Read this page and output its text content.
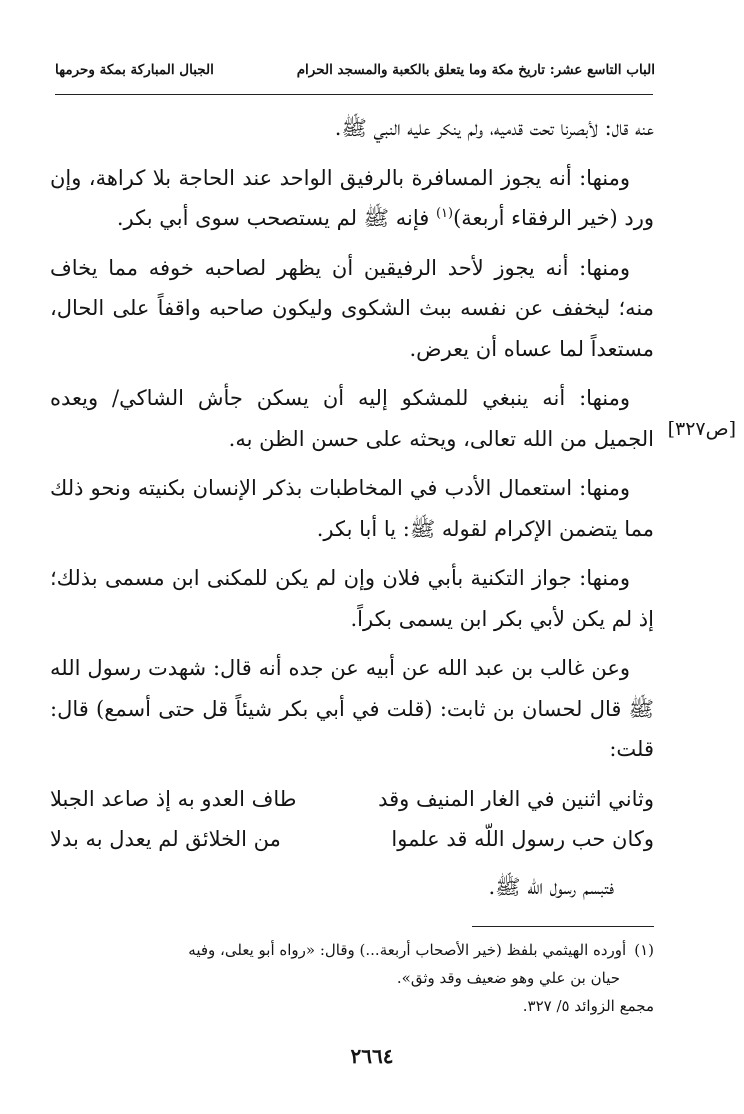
الباب التاسع عشر: تاريخ مكة وما يتعلق بالكعبة والمسجد الحرام
الجبال المباركة بمكة وحرمها
[ص٣٢٧]

عنه قال: لأبصرنا تحت قدميه، ولم ينكر عليه النبي ﷺ.

ومنها: أنه يجوز المسافرة بالرفيق الواحد عند الحاجة بلا كراهة، وإن ورد (خير الرفقاء أربعة)$^{(١)}$ فإنه ﷺ لم يستصحب سوى أبي بكر.

ومنها: أنه يجوز لأحد الرفيقين أن يظهر لصاحبه خوفه مما يخاف منه؛ ليخفف عن نفسه ببث الشكوى وليكون صاحبه واقفاً على الحال، مستعداً لما عساه أن يعرض.

ومنها: أنه ينبغي للمشكو إليه أن يسكن جأش الشاكي/ ويعده الجميل من الله تعالى، ويحثه على حسن الظن به.

ومنها: استعمال الأدب في المخاطبات بذكر الإنسان بكنيته ونحو ذلك مما يتضمن الإكرام لقوله ﷺ: يا أبا بكر.

ومنها: جواز التكنية بأبي فلان وإن لم يكن للمكنى ابن مسمى بذلك؛ إذ لم يكن لأبي بكر ابن يسمى بكراً.

وعن غالب بن عبد الله عن أبيه عن جده أنه قال: شهدت رسول الله ﷺ قال لحسان بن ثابت: (قلت في أبي بكر شيئاً قل حتى أسمع) قال: قلت:

وثاني اثنين في الغار المنيف وقد
طاف العدو به إذ صاعد الجبلا
وكان حب رسول اللّه قد علموا
من الخلائق لم يعدل به بدلا

فتبسم رسول الله ﷺ.

(١)أورده الهيثمي بلفظ (خير الأصحاب أربعة...) وقال: «رواه أبو يعلى، وفيه

حيان بن علي وهو ضعيف وقد وثق».

مجمع الزوائد ٥/ ٣٢٧.

٢٦٦٤
